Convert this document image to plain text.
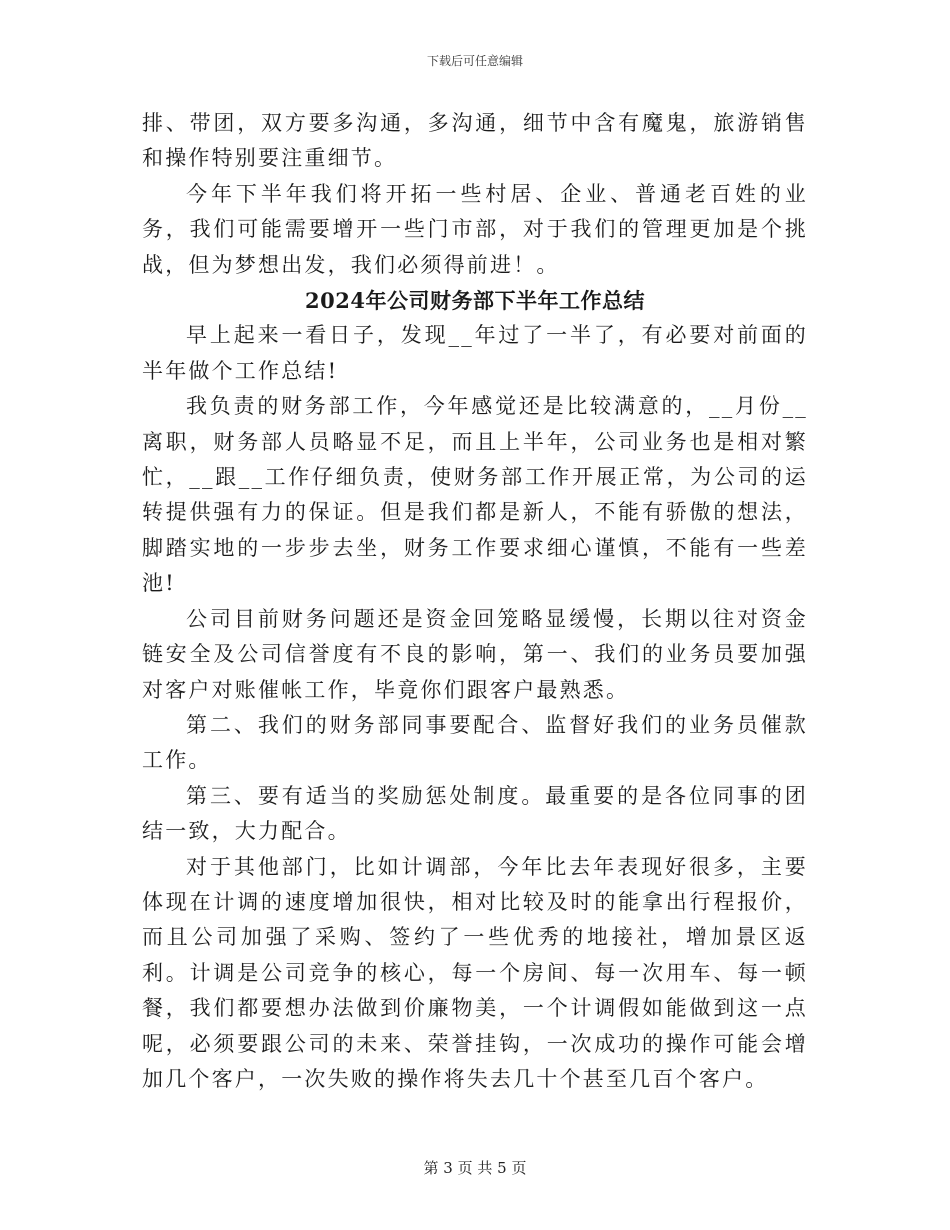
下载后可任意编辑

排、带团，双方要多沟通，多沟通，细节中含有魔鬼，旅游销售和操作特别要注重细节。

今年下半年我们将开拓一些村居、企业、普通老百姓的业务，我们可能需要增开一些门市部，对于我们的管理更加是个挑战，但为梦想出发，我们必须得前进！。

2024年公司财务部下半年工作总结

早上起来一看日子，发现__年过了一半了，有必要对前面的半年做个工作总结!

我负责的财务部工作，今年感觉还是比较满意的，__月份__离职，财务部人员略显不足，而且上半年，公司业务也是相对繁忙，__跟__工作仔细负责，使财务部工作开展正常，为公司的运转提供强有力的保证。但是我们都是新人，不能有骄傲的想法，脚踏实地的一步步去坐，财务工作要求细心谨慎，不能有一些差池!

公司目前财务问题还是资金回笼略显缓慢，长期以往对资金链安全及公司信誉度有不良的影响，第一、我们的业务员要加强对客户对账催帐工作，毕竟你们跟客户最熟悉。

第二、我们的财务部同事要配合、监督好我们的业务员催款工作。

第三、要有适当的奖励惩处制度。最重要的是各位同事的团结一致，大力配合。

对于其他部门，比如计调部，今年比去年表现好很多，主要体现在计调的速度增加很快，相对比较及时的能拿出行程报价，而且公司加强了采购、签约了一些优秀的地接社，增加景区返利。计调是公司竞争的核心，每一个房间、每一次用车、每一顿餐，我们都要想办法做到价廉物美，一个计调假如能做到这一点呢，必须要跟公司的未来、荣誉挂钩，一次成功的操作可能会增加几个客户，一次失败的操作将失去几十个甚至几百个客户。

第 3 页 共 5 页
